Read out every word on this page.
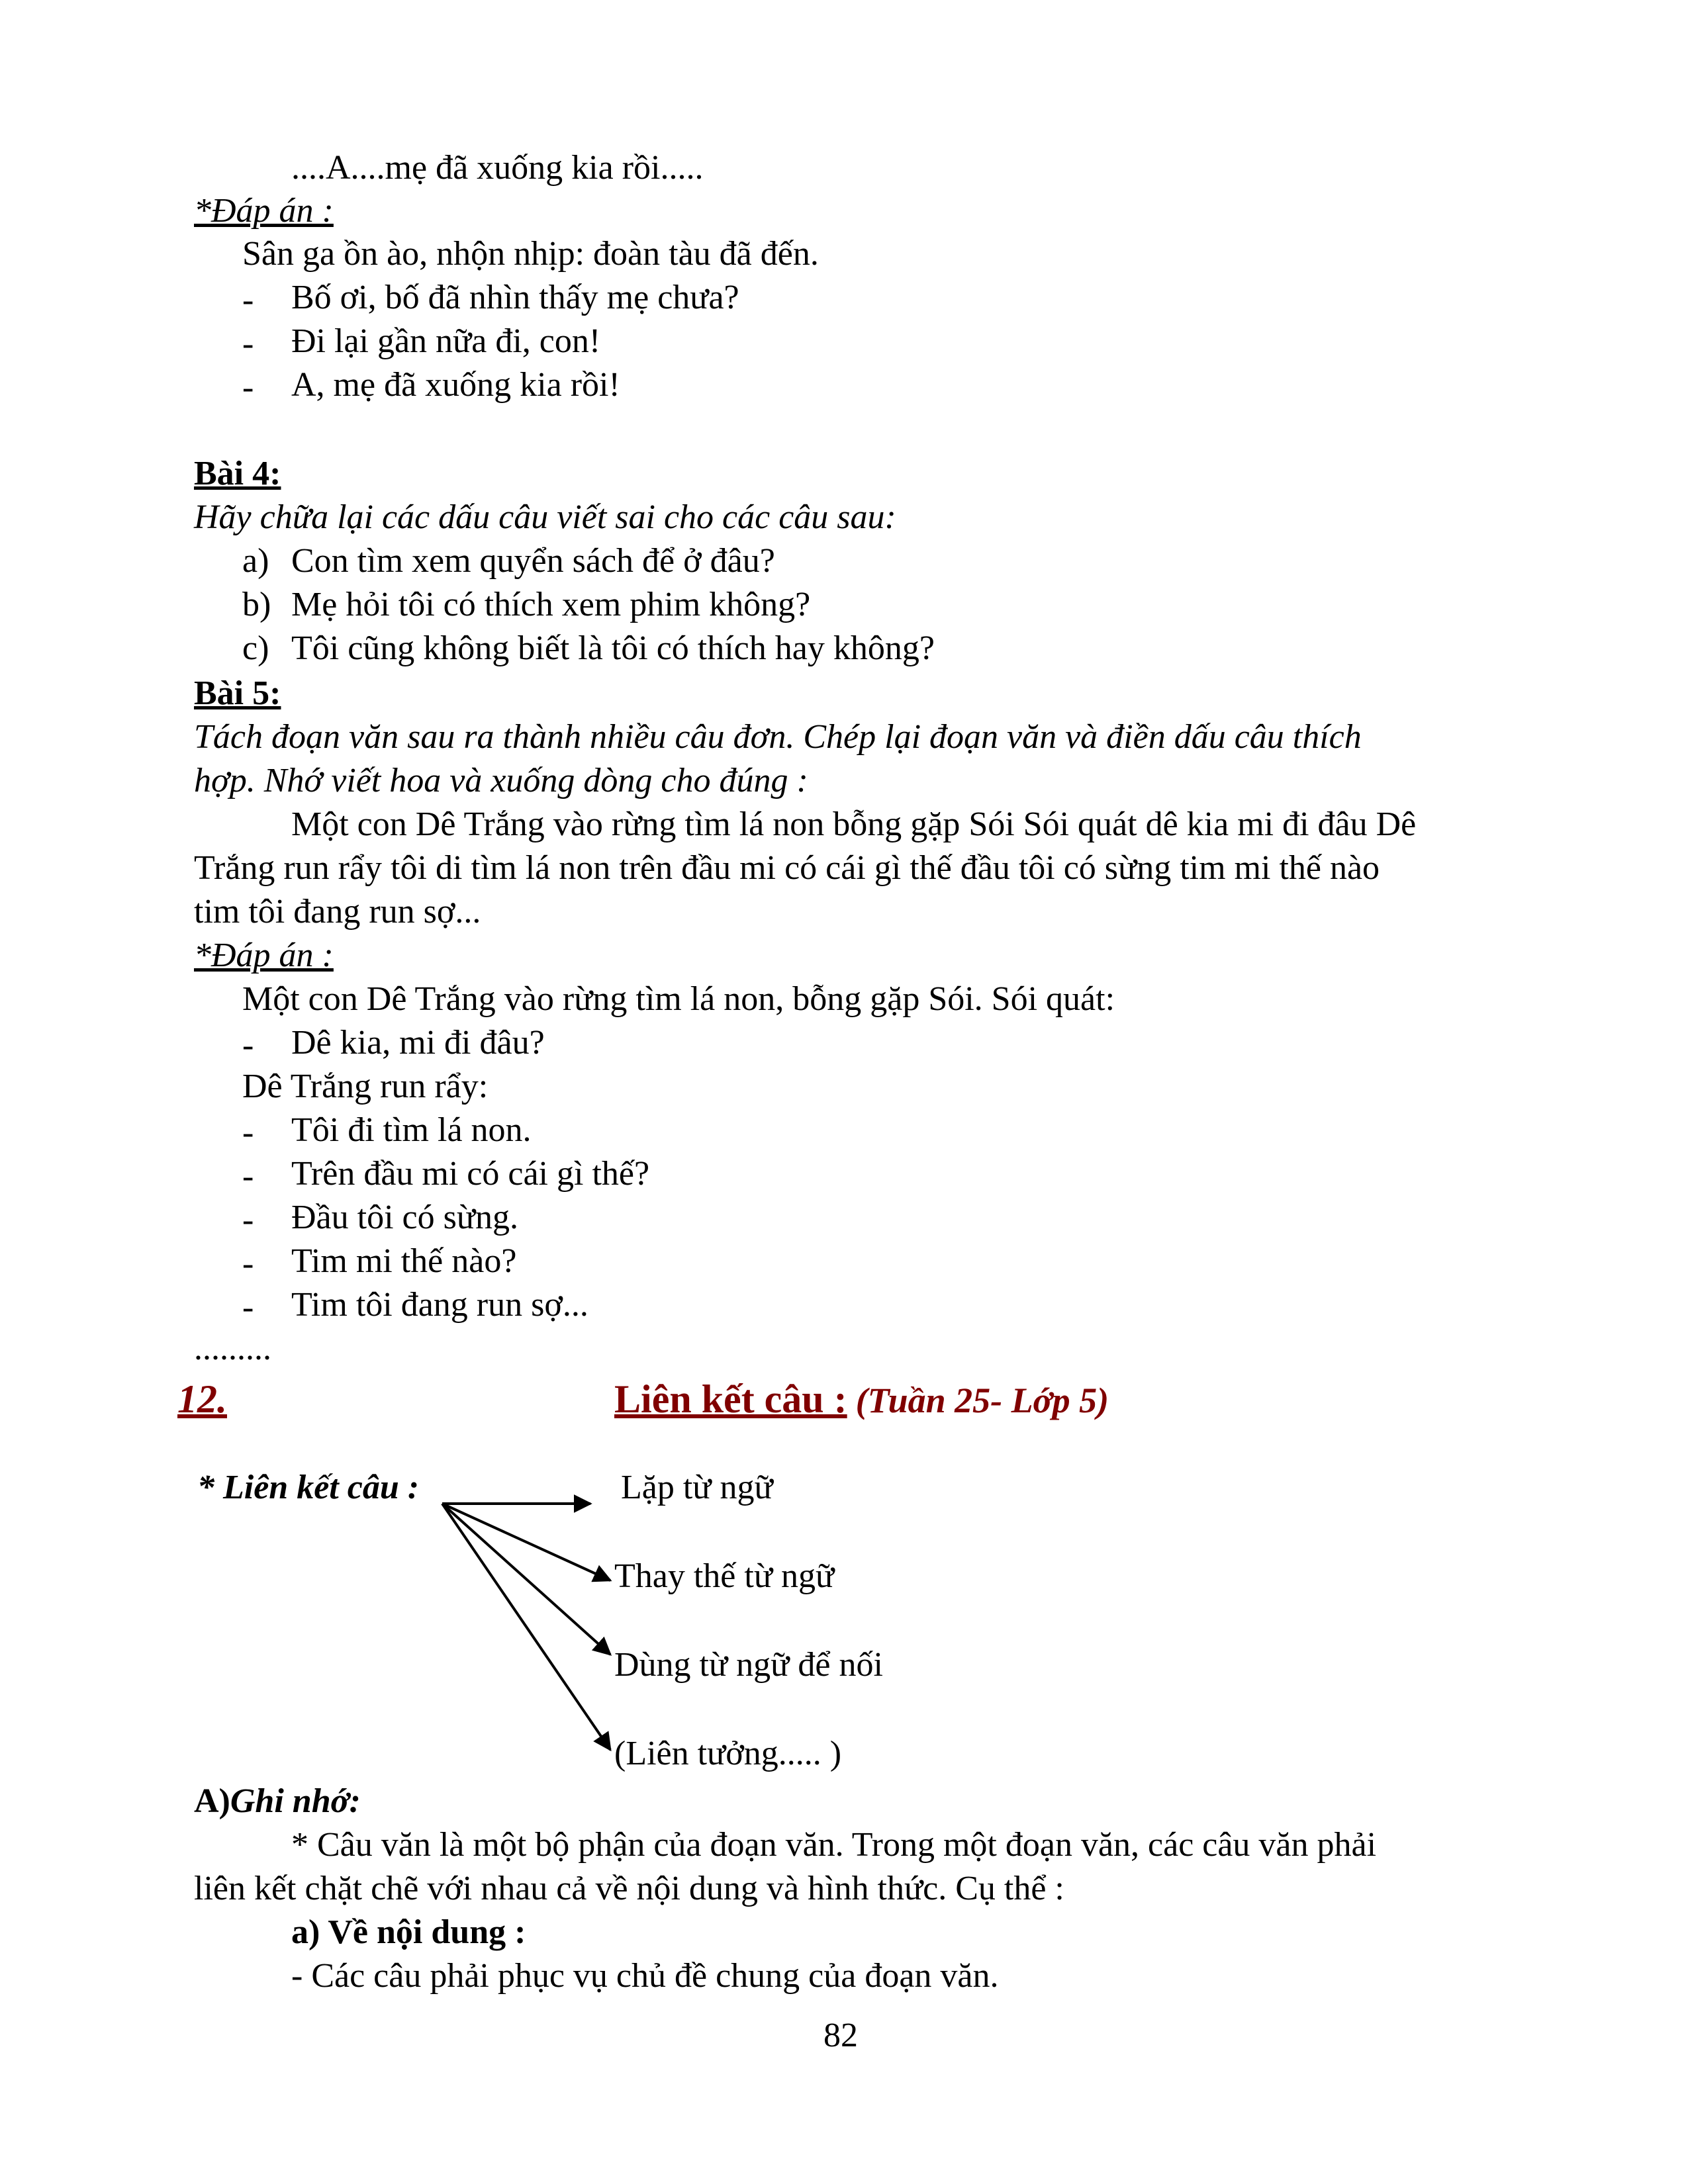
....A....mẹ đã xuống kia rồi.....
*Đáp án :
Sân ga ồn ào, nhộn nhịp: đoàn tàu đã đến.
- Bố ơi, bố đã nhìn thấy mẹ chưa?
- Đi lại gần nữa đi, con!
- A, mẹ đã xuống kia rồi!
Bài 4:
Hãy chữa lại các dấu câu viết sai cho các câu sau:
a) Con tìm xem quyển sách để ở đâu?
b) Mẹ hỏi tôi có thích xem phim không?
c) Tôi cũng không biết là tôi có thích hay không?
Bài 5:
Tách đoạn văn sau ra thành nhiều câu đơn. Chép lại đoạn văn và điền dấu câu thích
hợp. Nhớ viết hoa và xuống dòng cho đúng :
Một con Dê Trắng vào rừng tìm lá non bỗng gặp Sói Sói quát dê kia mi đi đâu Dê
Trắng run rẩy tôi di tìm lá non trên đầu mi có cái gì thế đầu tôi có sừng tim mi thế nào
tim tôi đang run sợ...
*Đáp án :
Một con Dê Trắng vào rừng tìm lá non, bỗng gặp Sói. Sói quát:
- Dê kia, mi đi đâu?
Dê Trắng run rẩy:
- Tôi đi tìm lá non.
- Trên đầu mi có cái gì thế?
- Đầu tôi có sừng.
- Tim mi thế nào?
- Tim tôi đang run sợ...
.........
12.	Liên kết câu : (Tuần 25- Lớp 5)
* Liên kết câu :	Lặp từ ngữ
Thay thế từ ngữ
Dùng từ ngữ để nối
(Liên tưởng..... )
A)Ghi nhớ:
* Câu văn là một bộ phận của đoạn văn. Trong một đoạn văn, các câu văn phải
liên kết chặt chẽ với nhau cả về nội dung và hình thức. Cụ thể :
a) Về nội dung :
- Các câu phải phục vụ chủ đề chung của đoạn văn.
82
